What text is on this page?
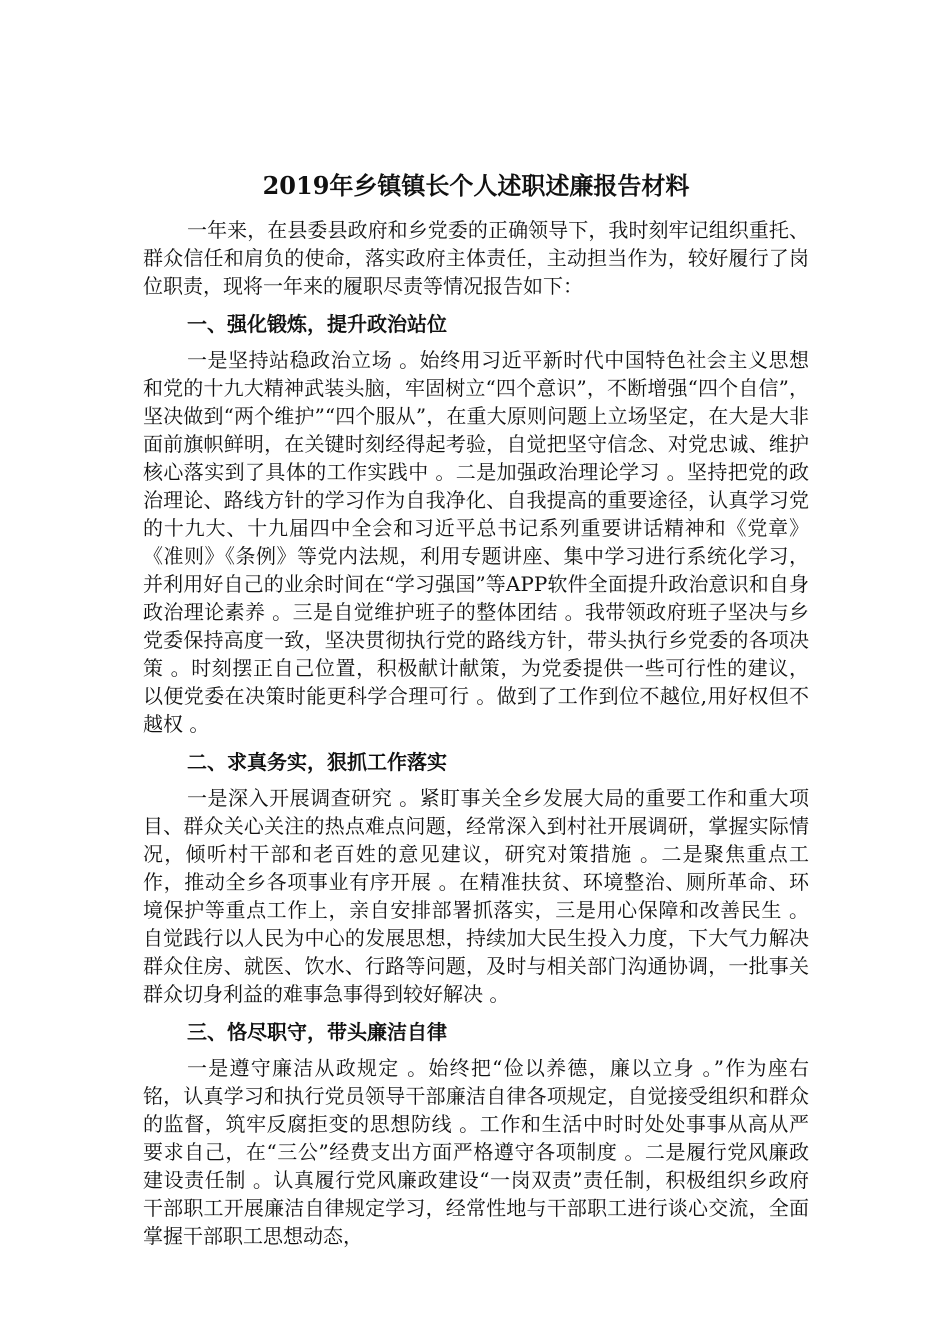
2019年乡镇镇长个人述职述廉报告材料

一年来，在县委县政府和乡党委的正确领导下，我时刻牢记组织重托、群众信任和肩负的使命，落实政府主体责任，主动担当作为，较好履行了岗位职责，现将一年来的履职尽责等情况报告如下：

一、强化锻炼，提升政治站位

一是坚持站稳政治立场 。始终用习近平新时代中国特色社会主义思想和党的十九大精神武装头脑，牢固树立“四个意识”，不断增强“四个自信”，坚决做到“两个维护”“四个服从”，在重大原则问题上立场坚定，在大是大非面前旗帜鲜明，在关键时刻经得起考验，自觉把坚守信念、对党忠诚、维护核心落实到了具体的工作实践中 。二是加强政治理论学习 。坚持把党的政治理论、路线方针的学习作为自我净化、自我提高的重要途径，认真学习党的十九大、十九届四中全会和习近平总书记系列重要讲话精神和《党章》《准则》《条例》等党内法规，利用专题讲座、集中学习进行系统化学习，并利用好自己的业余时间在“学习强国”等APP软件全面提升政治意识和自身政治理论素养 。三是自觉维护班子的整体团结 。我带领政府班子坚决与乡党委保持高度一致，坚决贯彻执行党的路线方针，带头执行乡党委的各项决策 。时刻摆正自己位置，积极献计献策，为党委提供一些可行性的建议，以便党委在决策时能更科学合理可行 。做到了工作到位不越位,用好权但不越权 。

二、求真务实，狠抓工作落实

一是深入开展调查研究 。紧盯事关全乡发展大局的重要工作和重大项目、群众关心关注的热点难点问题，经常深入到村社开展调研，掌握实际情况，倾听村干部和老百姓的意见建议，研究对策措施 。二是聚焦重点工作，推动全乡各项事业有序开展 。在精准扶贫、环境整治、厕所革命、环境保护等重点工作上，亲自安排部署抓落实，三是用心保障和改善民生 。自觉践行以人民为中心的发展思想，持续加大民生投入力度，下大气力解决群众住房、就医、饮水、行路等问题，及时与相关部门沟通协调，一批事关群众切身利益的难事急事得到较好解决 。

三、恪尽职守，带头廉洁自律

一是遵守廉洁从政规定 。始终把“俭以养德，廉以立身 。”作为座右铭，认真学习和执行党员领导干部廉洁自律各项规定，自觉接受组织和群众的监督，筑牢反腐拒变的思想防线 。工作和生活中时时处处事事从高从严要求自己，在“三公”经费支出方面严格遵守各项制度 。二是履行党风廉政建设责任制 。认真履行党风廉政建设“一岗双责”责任制，积极组织乡政府干部职工开展廉洁自律规定学习，经常性地与干部职工进行谈心交流，全面掌握干部职工思想动态，
